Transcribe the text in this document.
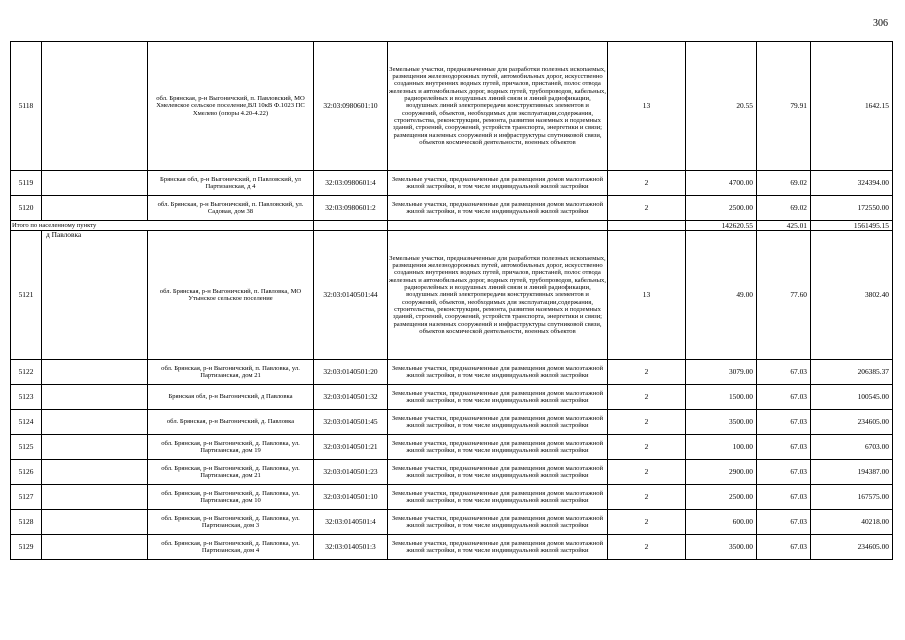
306
5118		обл. Брянская, р-н Выгоничский, п. Павловский, МО Хмелевское сельское поселение,ВЛ 10кВ Ф.1023 ПС Хмелево (опоры 4.20-4.22)	32:03:0980601:10	Земельные участки, предназначенные для разработки полезных ископаемых, размещения железнодорожных путей, автомобильных дорог, искусственно созданных внутренних водных путей, причалов, пристаней, полос отвода железных и автомобильных дорог, водных путей, трубопроводов, кабельных, радиорелейных и воздушных линий связи и линий радиофикации, воздушных линий электропередачи конструктивных элементов и сооружений, объектов, необходимых для эксплуатации,содержания, строительства, реконструкции, ремонта, развития наземных и подземных зданий, строений, сооружений, устройств транспорта, энергетики и связи; размещения наземных сооружений и инфраструктуры спутниковой связи, объектов космической деятельности, военных объектов	13	20.55	79.91	1642.15
5119		Брянская обл, р-н Выгоничский, п Павловский, ул Партизанская, д 4	32:03:0980601:4	Земельные участки, предназначенные для размещения домов малоэтажной жилой застройки, в том числе индивидуальной жилой застройки	2	4700.00	69.02	324394.00
5120		обл. Брянская, р-н Выгоничский, п. Павловский, ул. Садовая, дом 38	32:03:0980601:2	Земельные участки, предназначенные для размещения домов малоэтажной жилой застройки, в том числе индивидуальной жилой застройки	2	2500.00	69.02	172550.00
Итого по населенному пункту						142620.55	425.01	1561495.15
5121	д Павловка	обл. Брянская, р-н Выгоничский, п. Павловка, МО Утынское сельское поселение	32:03:0140501:44	Земельные участки, предназначенные для разработки полезных ископаемых, размещения железнодорожных путей, автомобильных дорог, искусственно созданных внутренних водных путей, причалов, пристаней, полос отвода железных и автомобильных дорог, водных путей, трубопроводов, кабельных, радиорелейных и воздушных линий связи и линий радиофикации, воздушных линий электропередачи конструктивных элементов и сооружений, объектов, необходимых для эксплуатации,содержания, строительства, реконструкции, ремонта, развития наземных и подземных зданий, строений, сооружений, устройств транспорта, энергетики и связи; размещения наземных сооружений и инфраструктуры спутниковой связи, объектов космической деятельности, военных объектов	13	49.00	77.60	3802.40
5122		обл. Брянская, р-н Выгоничский, п. Павловка, ул. Партизанская, дом 21	32:03:0140501:20	Земельные участки, предназначенные для размещения домов малоэтажной жилой застройки, в том числе индивидуальной жилой застройки	2	3079.00	67.03	206385.37
5123		Брянская обл, р-н Выгоничский, д Павловка	32:03:0140501:32	Земельные участки, предназначенные для размещения домов малоэтажной жилой застройки, в том числе индивидуальной жилой застройки	2	1500.00	67.03	100545.00
5124		обл. Брянская, р-н Выгоничский, д. Павловка	32:03:0140501:45	Земельные участки, предназначенные для размещения домов малоэтажной жилой застройки, в том числе индивидуальной жилой застройки	2	3500.00	67.03	234605.00
5125		обл. Брянская, р-н Выгоничский, д. Павловка, ул. Партизанская, дом 19	32:03:0140501:21	Земельные участки, предназначенные для размещения домов малоэтажной жилой застройки, в том числе индивидуальной жилой застройки	2	100.00	67.03	6703.00
5126		обл. Брянская, р-н Выгоничский, д. Павловка, ул. Партизанская, дом 21	32:03:0140501:23	Земельные участки, предназначенные для размещения домов малоэтажной жилой застройки, в том числе индивидуальной жилой застройки	2	2900.00	67.03	194387.00
5127		обл. Брянская, р-н Выгоничский, д. Павловка, ул. Партизанская, дом 10	32:03:0140501:10	Земельные участки, предназначенные для размещения домов малоэтажной жилой застройки, в том числе индивидуальной жилой застройки	2	2500.00	67.03	167575.00
5128		обл. Брянская, р-н Выгоничский, д. Павловка, ул. Партизанская, дом 3	32:03:0140501:4	Земельные участки, предназначенные для размещения домов малоэтажной жилой застройки, в том числе индивидуальной жилой застройки	2	600.00	67.03	40218.00
5129		обл. Брянская, р-н Выгоничский, д. Павловка, ул. Партизанская, дом 4	32:03:0140501:3	Земельные участки, предназначенные для размещения домов малоэтажной жилой застройки, в том числе индивидуальной жилой застройки	2	3500.00	67.03	234605.00
